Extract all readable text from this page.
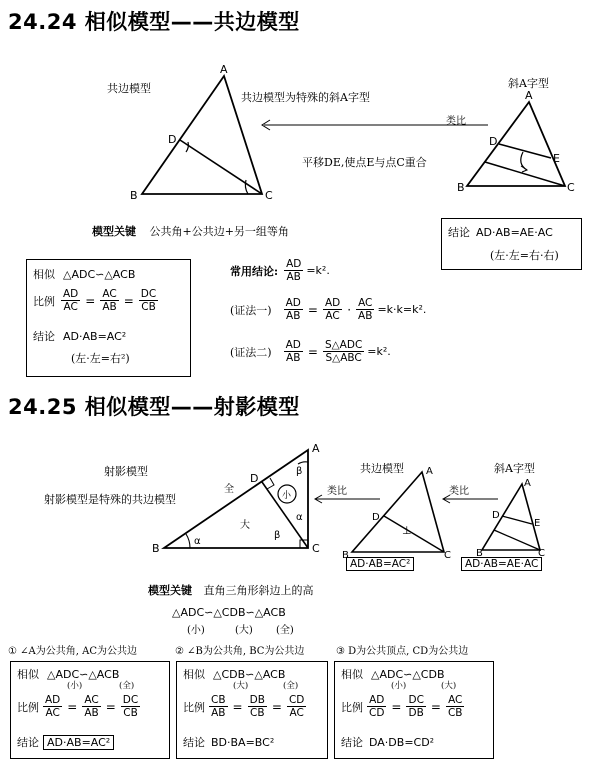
24.24 相似模型——共边模型
共边模型
共边模型为特殊的斜A字型
斜A字型
类比
平移DE,使点E与点C重合
A
B	C
D
A
B	C
D
E
模型关键 公共角+公共边+另一组等角	结论 AD·AB=AE·AC
(左·左=右·右)
相似 △ADC∽△ACB
比例 $\frac{AD}{AC} = \frac{AC}{AB} = \frac{DC}{CB}$
结论 AD·AB=AC²
(左·左=右²)
常用结论: $\frac{AD}{AB} =k^2$.
(证法一) $\frac{AD}{AB} = \frac{AD}{AC} \cdot \frac{AC}{AB} =k\cdot k=k^2$.
(证法二) $\frac{AD}{AB} = \frac{\text{S△ADC}}{\text{S△ABC}} =k^2$.
24.25 相似模型——射影模型
射影模型
射影模型是特殊的共边模型
共边模型	斜A字型
A
B	C
D
全
大
小
α
α
β
β
类比	类比
A
B	C
D
⊥
AD·AB=AC²
A
B	C
D
E
AD·AB=AE·AC
模型关键 直角三角形斜边上的高
△ADC∽△CDB∽△ACB
(小)	(大) (全)
① ∠A为公共角, AC为公共边
相似 △ADC∽△ACB
(小)	(全)
比例 $\frac{AD}{AC} = \frac{AC}{AB} = \frac{DC}{CB}$
结论 AD·AB=AC²
② ∠B为公共角, BC为公共边
相似 △CDB∽△ACB
(大)	(全)
比例 $\frac{CB}{AB} = \frac{DB}{CB} = \frac{CD}{AC}$
结论 BD·BA=BC²
③ D为公共顶点, CD为公共边
相似 △ADC∽△CDB
(小)	(大)
比例 $\frac{AD}{CD} = \frac{DC}{DB} = \frac{AC}{CB}$
结论 DA·DB=CD²
